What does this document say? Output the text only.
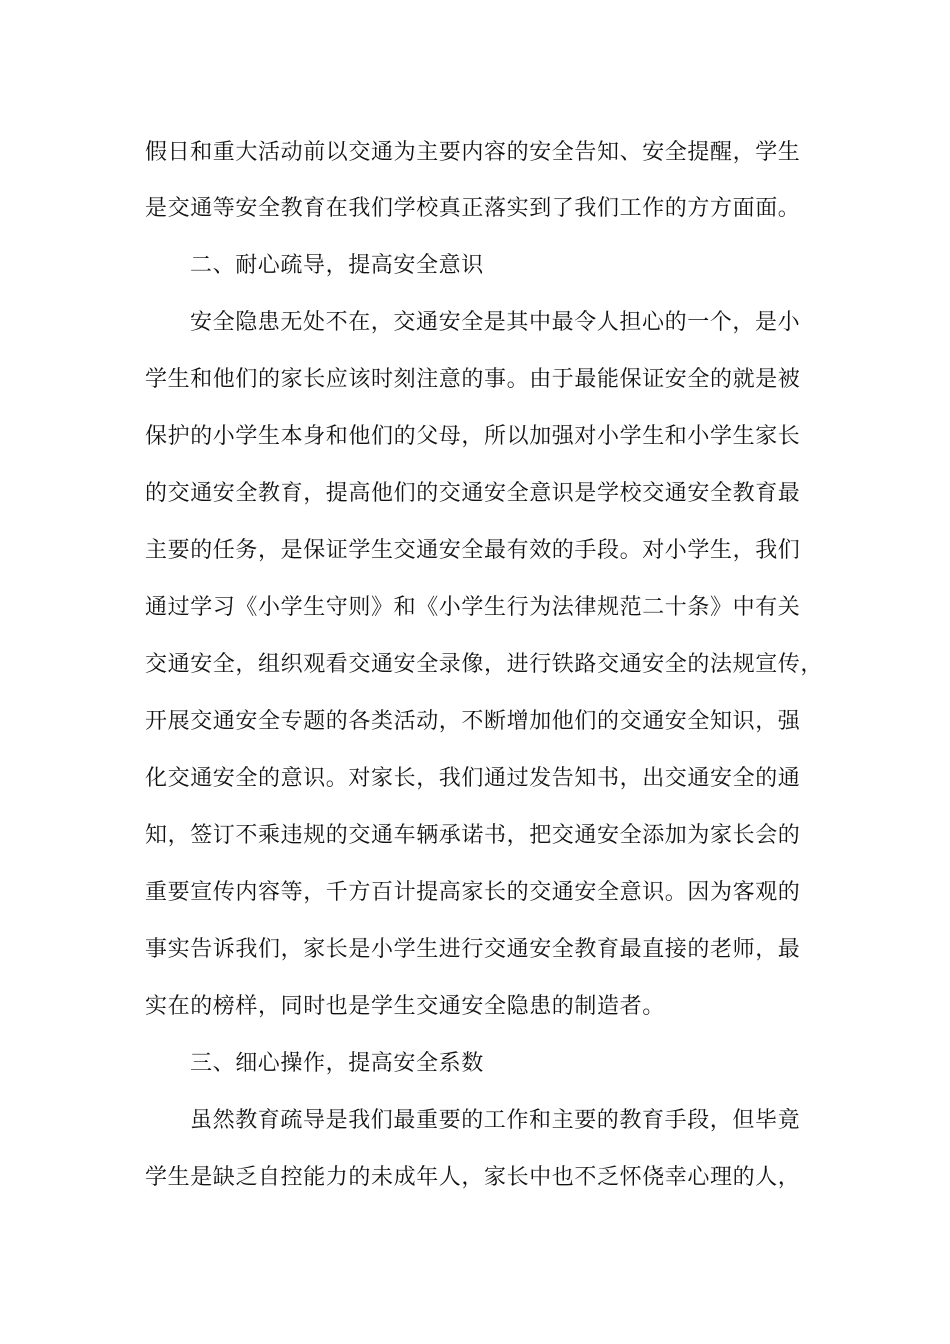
假日和重大活动前以交通为主要内容的安全告知、安全提醒，学生
是交通等安全教育在我们学校真正落实到了我们工作的方方面面。
二、耐心疏导，提高安全意识
安全隐患无处不在，交通安全是其中最令人担心的一个，是小
学生和他们的家长应该时刻注意的事。由于最能保证安全的就是被
保护的小学生本身和他们的父母，所以加强对小学生和小学生家长
的交通安全教育，提高他们的交通安全意识是学校交通安全教育最
主要的任务，是保证学生交通安全最有效的手段。对小学生，我们
通过学习《小学生守则》和《小学生行为法律规范二十条》中有关
交通安全，组织观看交通安全录像，进行铁路交通安全的法规宣传，
开展交通安全专题的各类活动，不断增加他们的交通安全知识，强
化交通安全的意识。对家长，我们通过发告知书，出交通安全的通
知，签订不乘违规的交通车辆承诺书，把交通安全添加为家长会的
重要宣传内容等，千方百计提高家长的交通安全意识。因为客观的
事实告诉我们，家长是小学生进行交通安全教育最直接的老师，最
实在的榜样，同时也是学生交通安全隐患的制造者。
三、细心操作，提高安全系数
虽然教育疏导是我们最重要的工作和主要的教育手段，但毕竟
学生是缺乏自控能力的未成年人，家长中也不乏怀侥幸心理的人，
